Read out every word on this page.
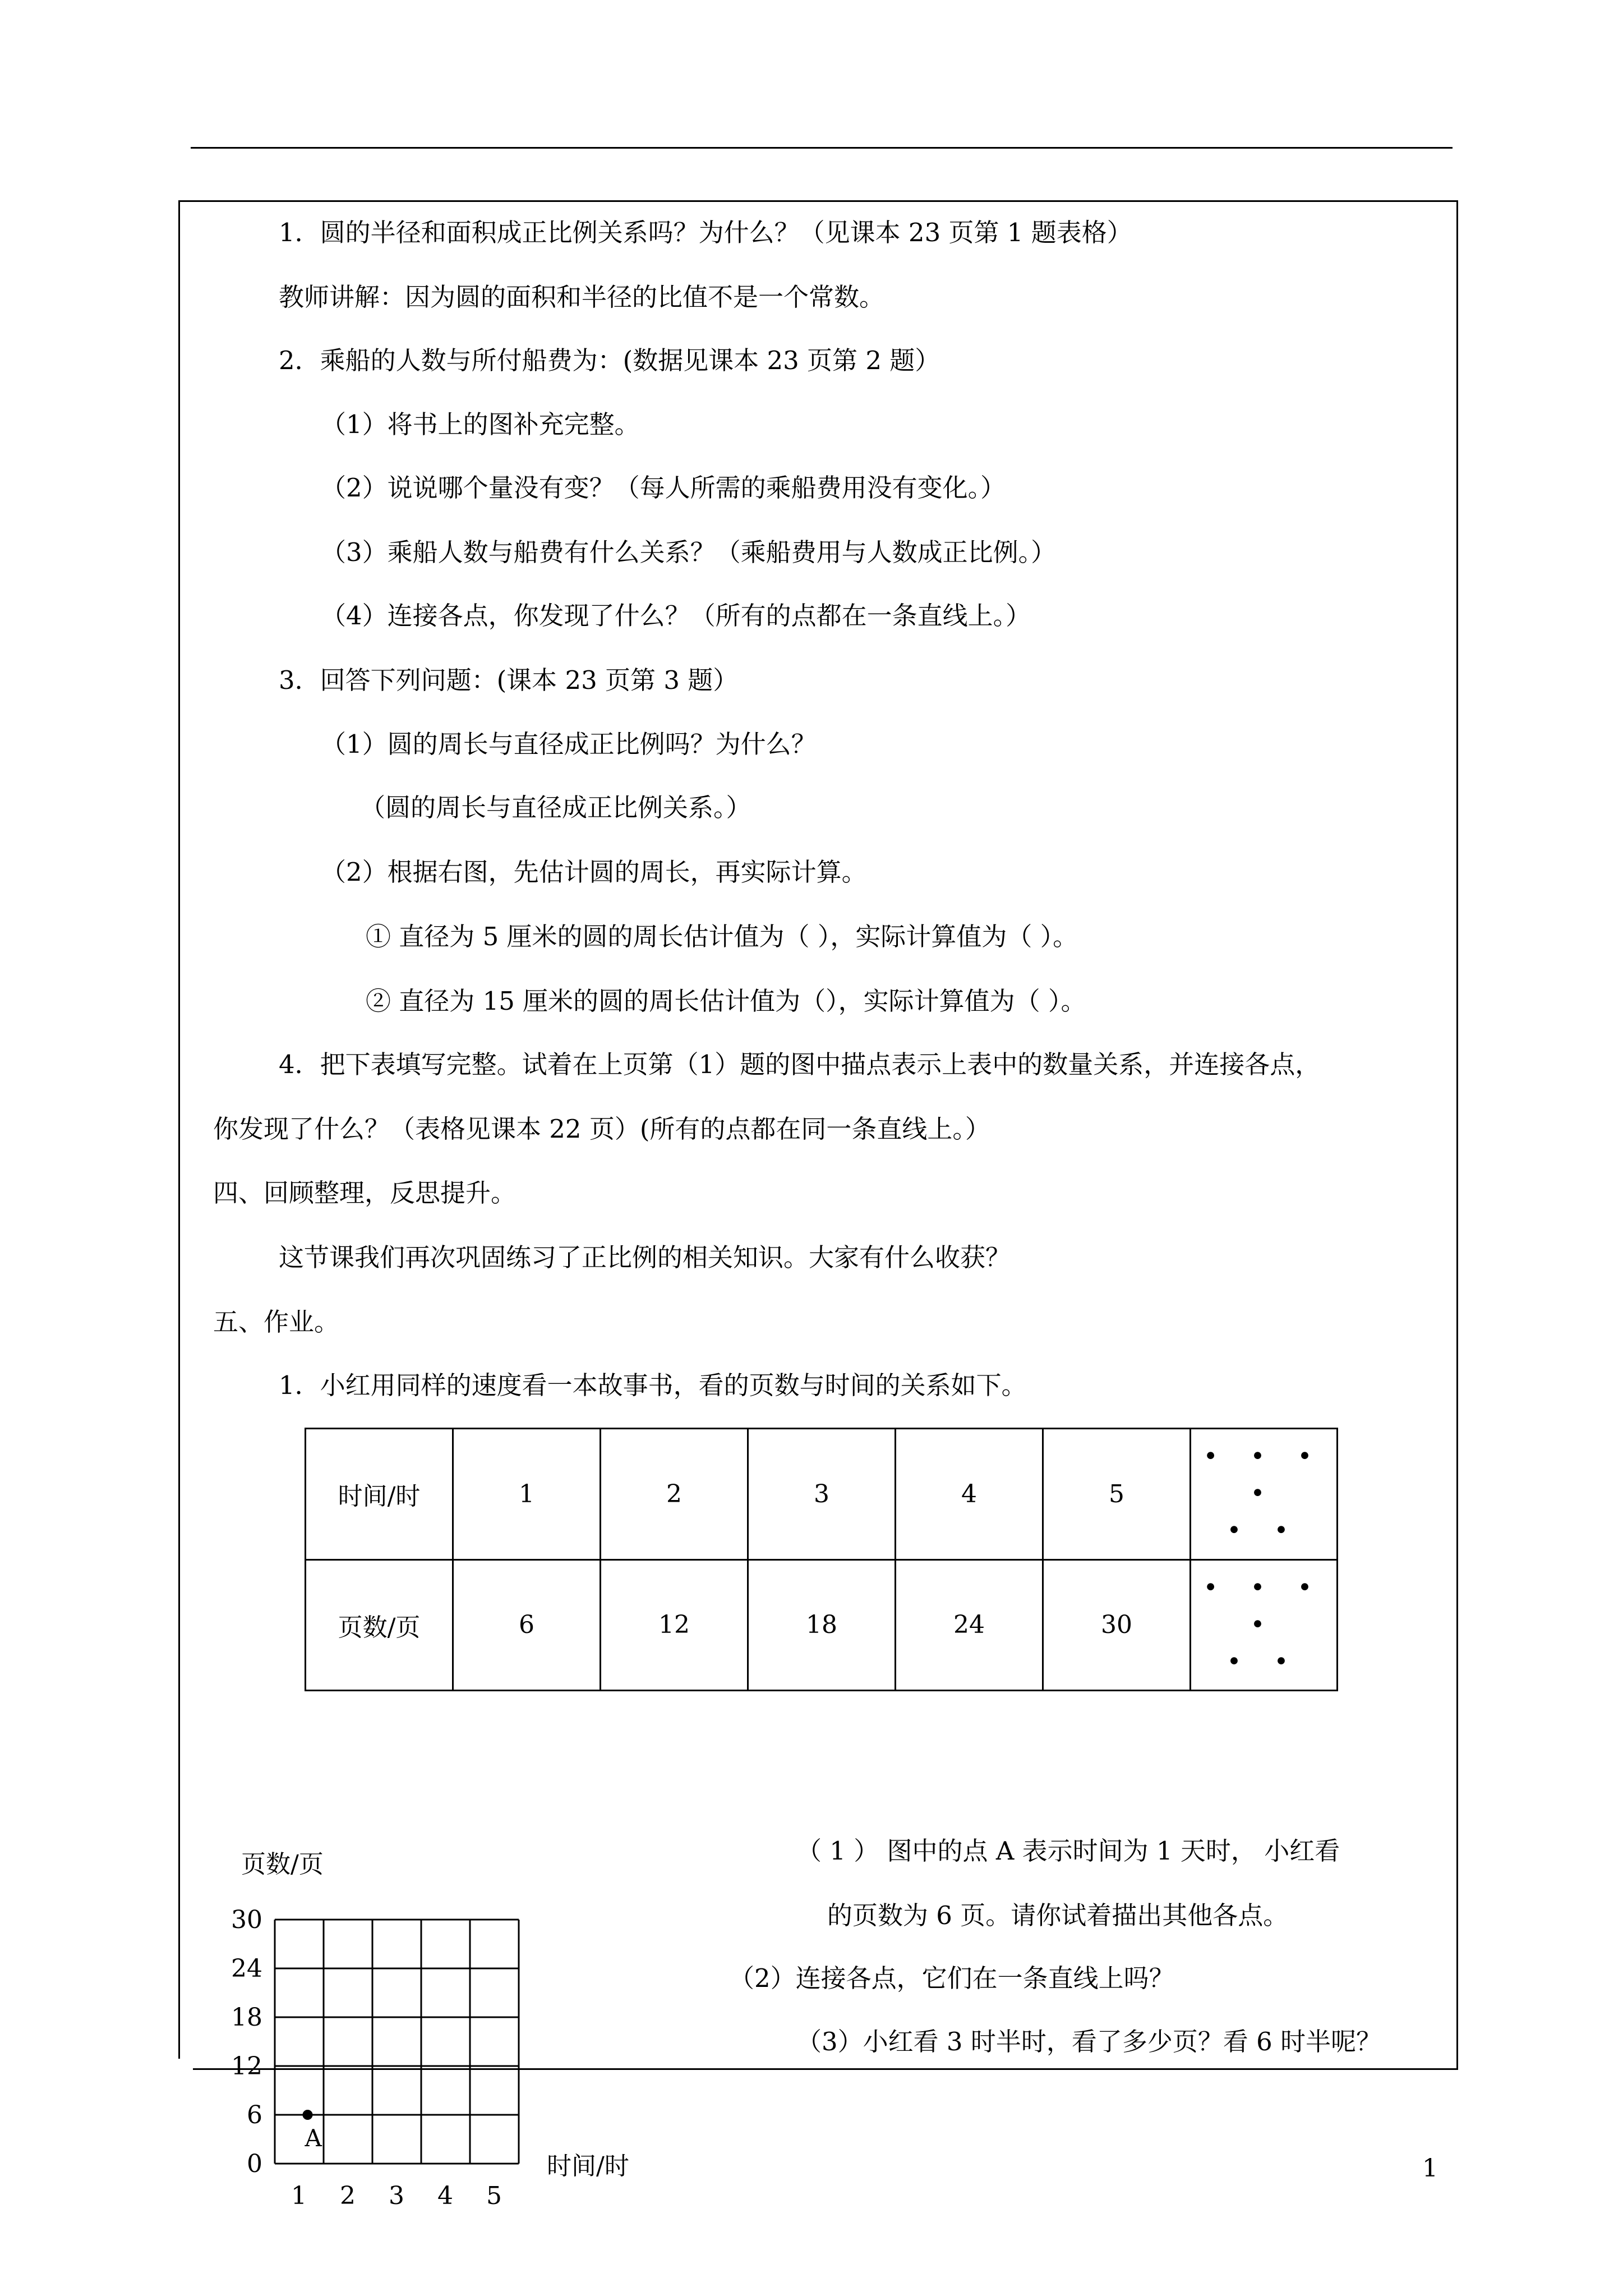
1．圆的半径和面积成正比例关系吗？为什么？（见课本 23 页第 1 题表格）
教师讲解：因为圆的面积和半径的比值不是一个常数。
2．乘船的人数与所付船费为：(数据见课本 23 页第 2 题）
（1）将书上的图补充完整。
（2）说说哪个量没有变？（每人所需的乘船费用没有变化。）
（3）乘船人数与船费有什么关系？（乘船费用与人数成正比例。）
（4）连接各点，你发现了什么？（所有的点都在一条直线上。）
3．回答下列问题：(课本 23 页第 3 题）
（1）圆的周长与直径成正比例吗？为什么？
（圆的周长与直径成正比例关系。）
（2）根据右图，先估计圆的周长，再实际计算。
① 直径为 5 厘米的圆的周长估计值为（ ），实际计算值为（ ）。
② 直径为 15 厘米的圆的周长估计值为（），实际计算值为（ ）。
4．把下表填写完整。试着在上页第（1）题的图中描点表示上表中的数量关系，并连接各点，
你发现了什么？（表格见课本 22 页）(所有的点都在同一条直线上。）
四、回顾整理，反思提升。
这节课我们再次巩固练习了正比例的相关知识。大家有什么收获？
五、作业。
1．小红用同样的速度看一本故事书，看的页数与时间的关系如下。
时间/时	1	2	3	4	5	• • • •
• •

页数/页	6	12	18	24	30	• • • •
• •
页数/页
时间/时
0
6
12
18
24
30
1 2 3 4 5
A
（ 1 ） 图中的点 A 表示时间为 1 天时， 小红看
的页数为 6 页。请你试着描出其他各点。
（2）连接各点，它们在一条直线上吗？
（3）小红看 3 时半时，看了多少页？看 6 时半呢？
1
